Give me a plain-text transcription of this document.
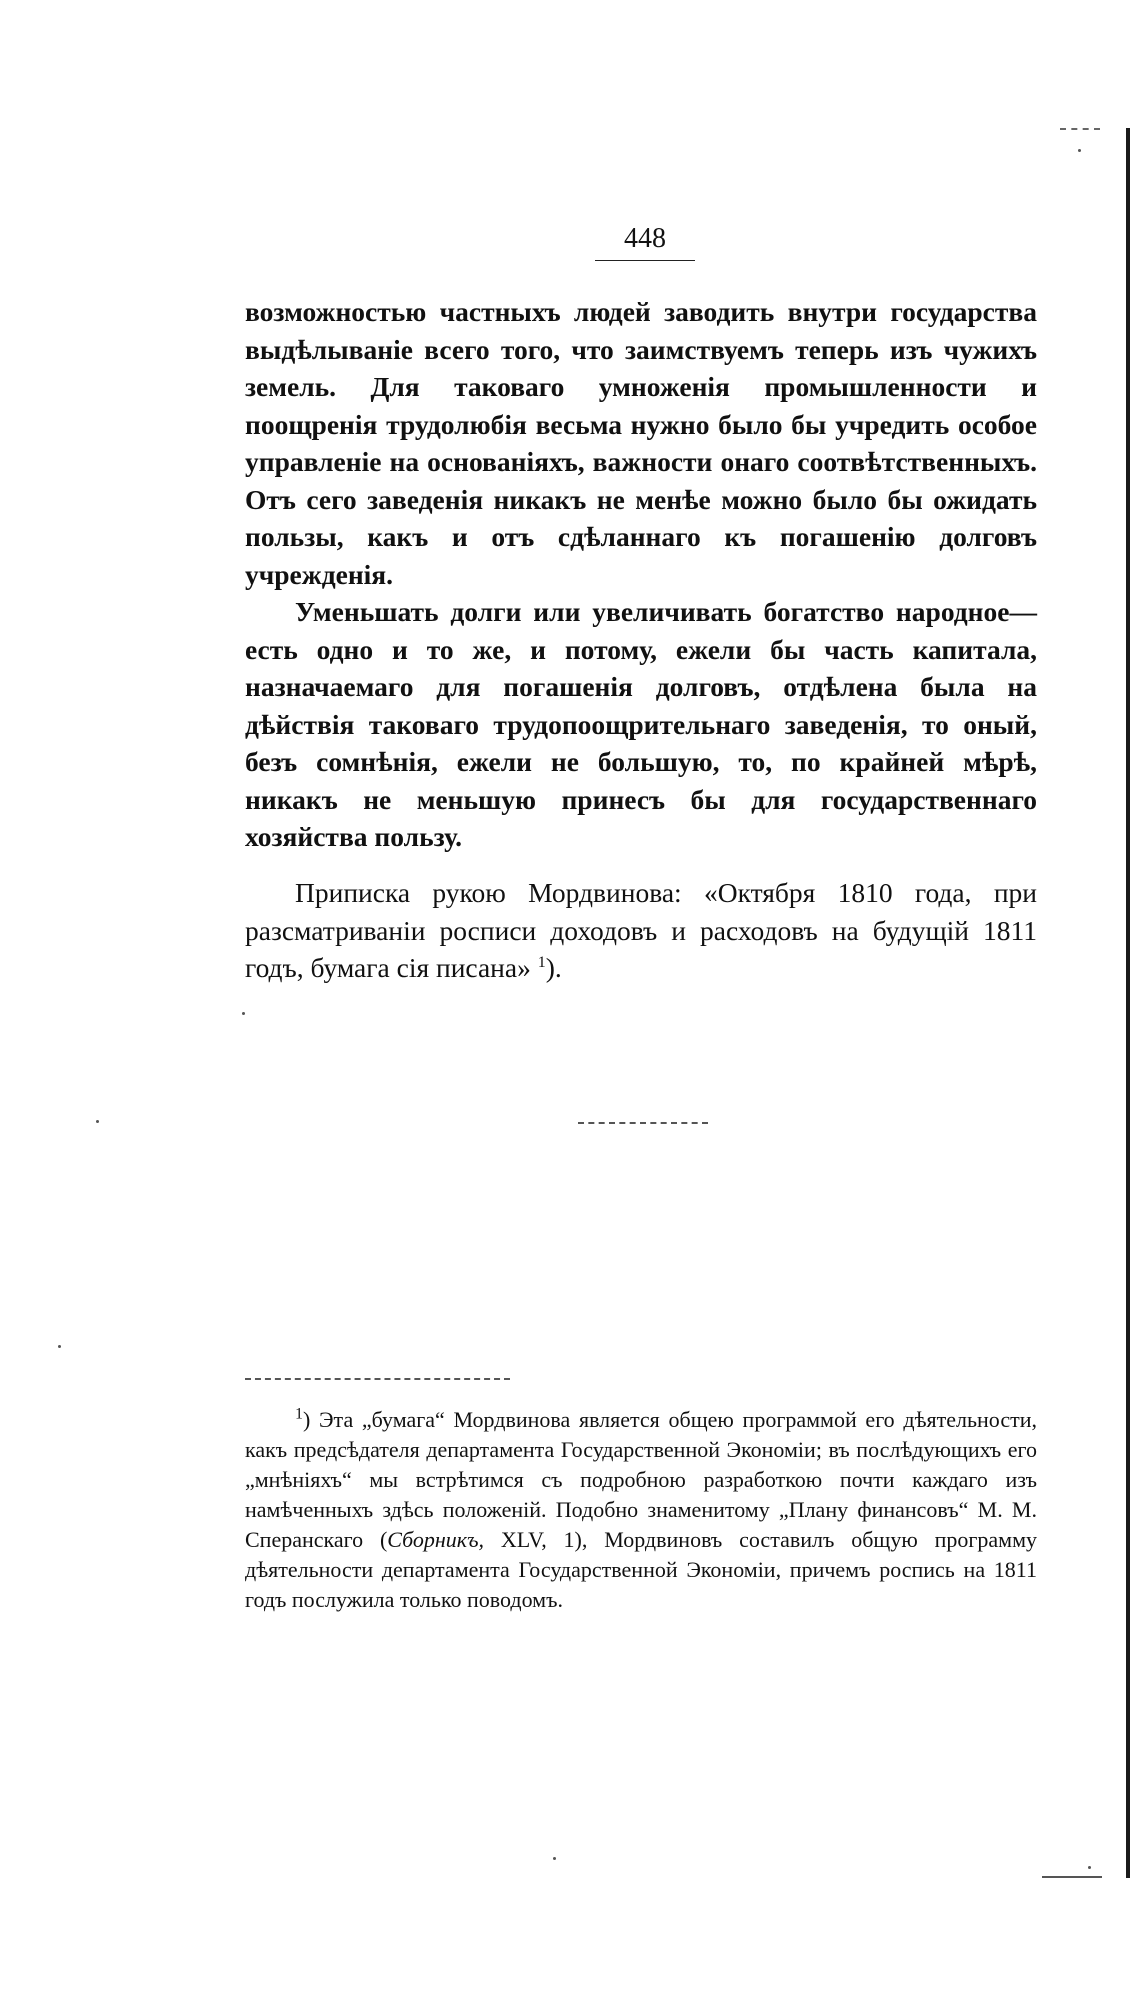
448

возможностью частныхъ людей заводить внутри государства выдѣлываніе всего того, что заимствуемъ теперь изъ чужихъ земель. Для таковаго умноженія промышленности и поощренія трудолюбія весьма нужно было бы учредить особое управленіе на основаніяхъ, важности онаго соотвѣтственныхъ. Отъ сего заведенія никакъ не менѣе можно было бы ожидать пользы, какъ и отъ сдѣланнаго къ погашенію долговъ учрежденія.

Уменьшать долги или увеличивать богатство народное— есть одно и то же, и потому, ежели бы часть капитала, назначаемаго для погашенія долговъ, отдѣлена была на дѣйствія таковаго трудопоощрительнаго заведенія, то оный, безъ сомнѣнія, ежели не большую, то, по крайней мѣрѣ, никакъ не меньшую принесъ бы для государственнаго хозяйства пользу.

Приписка рукою Мордвинова: «Октября 1810 года, при разсматриваніи росписи доходовъ и расходовъ на будущій 1811 годъ, бумага сія писана» $^1$).
$^1$) Эта „бумага“ Мордвинова является общею программой его дѣятельности, какъ предсѣдателя департамента Государственной Экономіи; въ послѣдующихъ его „мнѣніяхъ“ мы встрѣтимся съ подробною разработкою почти каждаго изъ намѣченныхъ здѣсь положеній. Подобно знаменитому „Плану финансовъ“ М. М. Сперанскаго (Сборникъ, XLV, 1), Мордвиновъ составилъ общую программу дѣятельности департамента Государственной Экономіи, причемъ роспись на 1811 годъ послужила только поводомъ.
